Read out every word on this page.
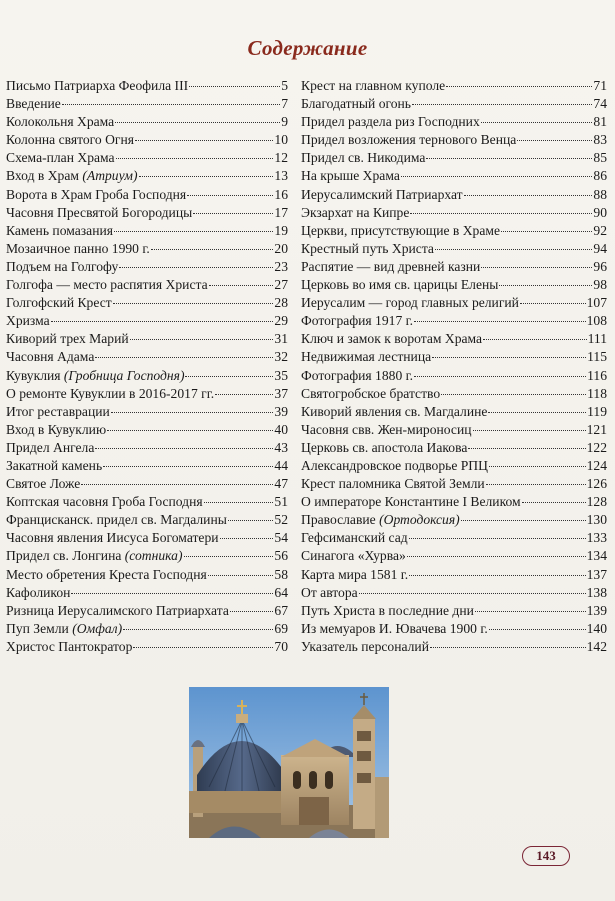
Содержание
Письмо Патриарха Феофила III	5
Введение	7
Колокольня Храма	9
Колонна святого Огня	10
Схема-план Храма	12
Вход в Храм (Атриум)	13
Ворота в Храм Гроба Господня	16
Часовня Пресвятой Богородицы	17
Камень помазания	19
Мозаичное панно 1990 г.	20
Подъем на Голгофу	23
Голгофа — место распятия Христа	27
Голгофский Крест	28
Хризма	29
Киворий трех Марий	31
Часовня Адама	32
Кувуклия (Гробница Господня)	35
О ремонте Кувуклии в 2016-2017 гг.	37
Итог реставрации	39
Вход в Кувуклию	40
Придел Ангела	43
Закатной камень	44
Святое Ложе	47
Коптская часовня Гроба Господня	51
Францисканск. придел св. Магдалины	52
Часовня явления Иисуса Богоматери	54
Придел св. Лонгина (сотника)	56
Место обретения Креста Господня	58
Кафоликон	64
Ризница Иерусалимского Патриархата	67
Пуп Земли (Омфал)	69
Христос Пантократор	70
Крест на главном куполе	71
Благодатный огонь	74
Придел раздела риз Господних	81
Придел возложения тернового Венца	83
Придел св. Никодима	85
На крыше Храма	86
Иерусалимский Патриархат	88
Экзархат на Кипре	90
Церкви, присутствующие в Храме	92
Крестный путь Христа	94
Распятие — вид древней казни	96
Церковь во имя св. царицы Елены	98
Иерусалим — город главных религий	107
Фотография 1917 г.	108
Ключ и замок к воротам Храма	111
Недвижимая лестница	115
Фотография 1880 г.	116
Святогробское братство	118
Киворий явления св. Магдалине	119
Часовня свв. Жен-мироносиц	121
Церковь св. апостола Иакова	122
Александровское подворье РПЦ	124
Крест паломника Святой Земли	126
О императоре Константине I Великом	128
Православие (Ортодоксия)	130
Гефсиманский сад	133
Синагога «Хурва»	134
Карта мира 1581 г.	137
От автора	138
Путь Христа в последние дни	139
Из мемуаров И. Ювачева 1900 г.	140
Указатель персоналий	142
143
